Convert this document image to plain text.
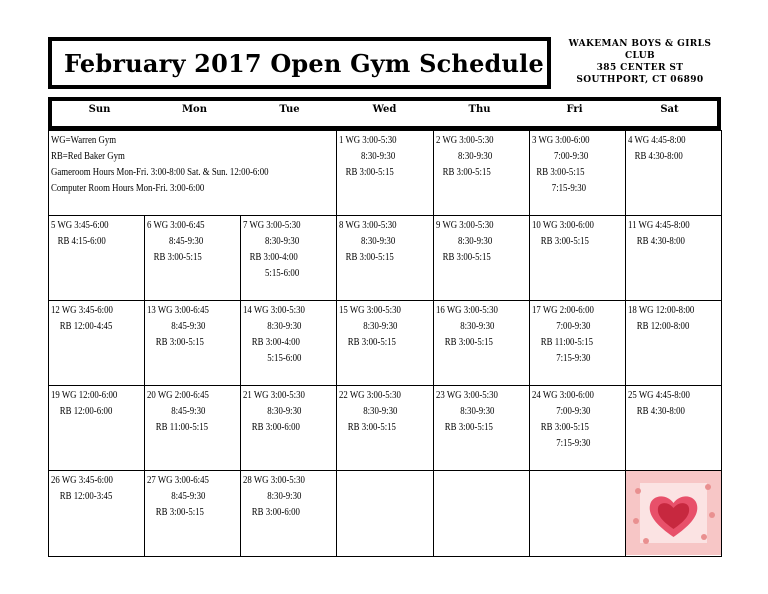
February 2017 Open Gym Schedule
WAKEMAN BOYS & GIRLS
CLUB
385 CENTER ST
SOUTHPORT, CT 06890
Sun	Mon	Tue	Wed	Thu	Fri	Sat
WG=Warren Gym
RB=Red Baker Gym
Gameroom Hours Mon-Fri. 3:00-8:00 Sat. & Sun. 12:00-6:00
Computer Room Hours Mon-Fri. 3:00-6:00			1 WG 3:00-5:30
8:30-9:30
RB 3:00-5:15	2 WG 3:00-5:30
8:30-9:30
RB 3:00-5:15	3 WG 3:00-6:00
7:00-9:30
RB 3:00-5:15
7:15-9:30	4 WG 4:45-8:00
RB 4:30-8:00

5 WG 3:45-6:00
RB 4:15-6:00	6 WG 3:00-6:45
8:45-9:30
RB 3:00-5:15	7 WG 3:00-5:30
8:30-9:30
RB 3:00-4:00
5:15-6:00	8 WG 3:00-5:30
8:30-9:30
RB 3:00-5:15	9 WG 3:00-5:30
8:30-9:30
RB 3:00-5:15	10 WG 3:00-6:00
RB 3:00-5:15	11 WG 4:45-8:00
RB 4:30-8:00

12 WG 3:45-6:00
RB 12:00-4:45	13 WG 3:00-6:45
8:45-9:30
RB 3:00-5:15	14 WG 3:00-5:30
8:30-9:30
RB 3:00-4:00
5:15-6:00	15 WG 3:00-5:30
8:30-9:30
RB 3:00-5:15	16 WG 3:00-5:30
8:30-9:30
RB 3:00-5:15	17 WG 2:00-6:00
7:00-9:30
RB 11:00-5:15
7:15-9:30	18 WG 12:00-8:00
RB 12:00-8:00

19 WG 12:00-6:00
RB 12:00-6:00	20 WG 2:00-6:45
8:45-9:30
RB 11:00-5:15	21 WG 3:00-5:30
8:30-9:30
RB 3:00-6:00	22 WG 3:00-5:30
8:30-9:30
RB 3:00-5:15	23 WG 3:00-5:30
8:30-9:30
RB 3:00-5:15	24 WG 3:00-6:00
7:00-9:30
RB 3:00-5:15
7:15-9:30	25 WG 4:45-8:00
RB 4:30-8:00

26 WG 3:45-6:00
RB 12:00-3:45	27 WG 3:00-6:45
8:45-9:30
RB 3:00-5:15	28 WG 3:00-5:30
8:30-9:30
RB 3:00-6:00
